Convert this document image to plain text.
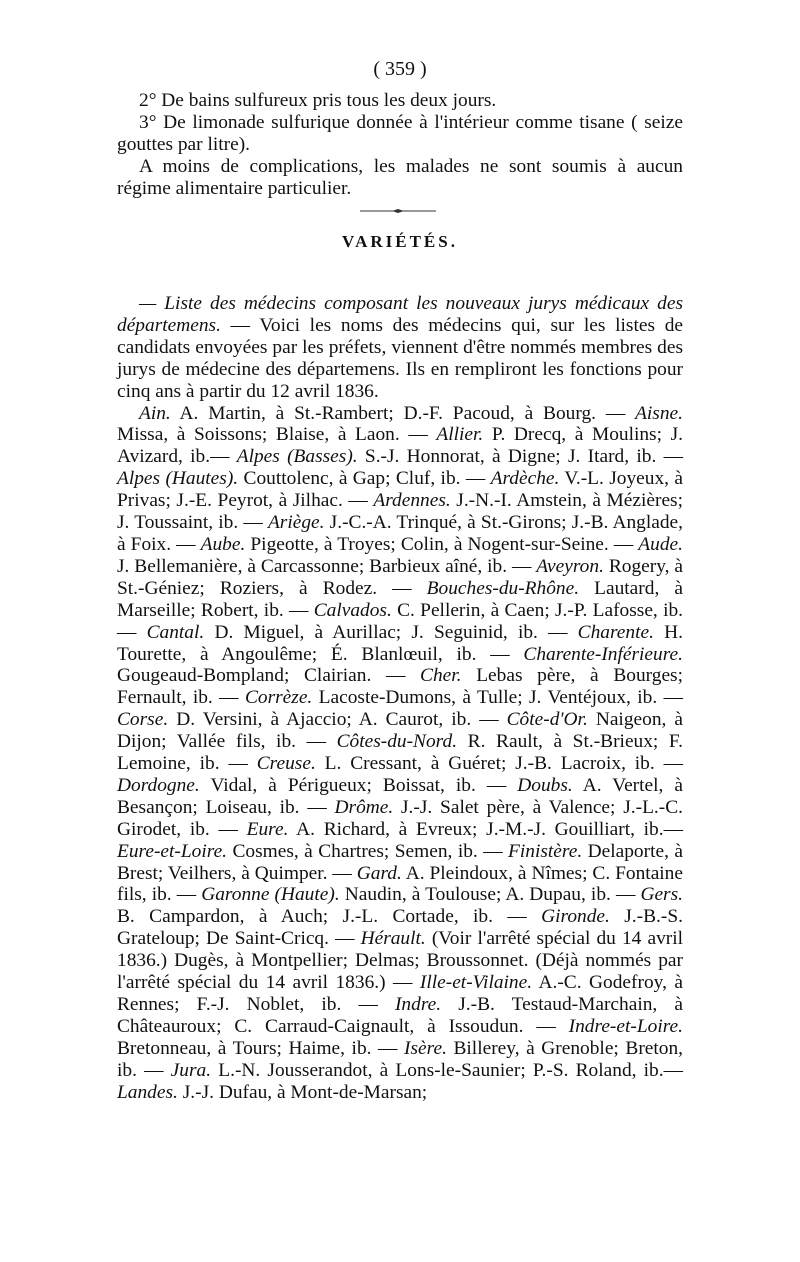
( 359 )

2° De bains sulfureux pris tous les deux jours.

3° De limonade sulfurique donnée à l'intérieur comme tisane ( seize gouttes par litre).

A moins de complications, les malades ne sont soumis à aucun régime alimentaire particulier.

VARIÉTÉS.

— Liste des médecins composant les nouveaux jurys médicaux des départemens. — Voici les noms des médecins qui, sur les listes de candidats envoyées par les préfets, viennent d'être nommés membres des jurys de médecine des départemens. Ils en rempliront les fonctions pour cinq ans à partir du 12 avril 1836.

Ain. A. Martin, à St.-Rambert; D.-F. Pacoud, à Bourg. — Aisne. Missa, à Soissons; Blaise, à Laon. — Allier. P. Drecq, à Moulins; J. Avizard, ib.— Alpes (Basses). S.-J. Honnorat, à Digne; J. Itard, ib. — Alpes (Hautes). Couttolenc, à Gap; Cluf, ib. — Ardèche. V.-L. Joyeux, à Privas; J.-E. Peyrot, à Jilhac. — Ardennes. J.-N.-I. Amstein, à Mézières; J. Toussaint, ib. — Ariège. J.-C.-A. Trinqué, à St.-Girons; J.-B. Anglade, à Foix. — Aube. Pigeotte, à Troyes; Colin, à Nogent-sur-Seine. — Aude. J. Bellemanière, à Carcassonne; Barbieux aîné, ib. — Aveyron. Rogery, à St.-Géniez; Roziers, à Rodez. — Bouches-du-Rhône. Lautard, à Marseille; Robert, ib. — Calvados. C. Pellerin, à Caen; J.-P. Lafosse, ib. — Cantal. D. Miguel, à Aurillac; J. Seguinid, ib. — Charente. H. Tourette, à Angoulême; É. Blanlœuil, ib. — Charente-Inférieure. Gougeaud-Bompland; Clairian. — Cher. Lebas père, à Bourges; Fernault, ib. — Corrèze. Lacoste-Dumons, à Tulle; J. Ventéjoux, ib. — Corse. D. Versini, à Ajaccio; A. Caurot, ib. — Côte-d'Or. Naigeon, à Dijon; Vallée fils, ib. — Côtes-du-Nord. R. Rault, à St.-Brieux; F. Lemoine, ib. — Creuse. L. Cressant, à Guéret; J.-B. Lacroix, ib. —Dordogne. Vidal, à Périgueux; Boissat, ib. — Doubs. A. Vertel, à Besançon; Loiseau, ib. — Drôme. J.-J. Salet père, à Valence; J.-L.-C. Girodet, ib. — Eure. A. Richard, à Evreux; J.-M.-J. Gouilliart, ib.—Eure-et-Loire. Cosmes, à Chartres; Semen, ib. — Finistère. Delaporte, à Brest; Veilhers, à Quimper. — Gard. A. Pleindoux, à Nîmes; C. Fontaine fils, ib. — Garonne (Haute). Naudin, à Toulouse; A. Dupau, ib. — Gers. B. Campardon, à Auch; J.-L. Cortade, ib. — Gironde. J.-B.-S. Grateloup; De Saint-Cricq. — Hérault. (Voir l'arrêté spécial du 14 avril 1836.) Dugès, à Montpellier; Delmas; Broussonnet. (Déjà nommés par l'arrêté spécial du 14 avril 1836.) — Ille-et-Vilaine. A.-C. Godefroy, à Rennes; F.-J. Noblet, ib. — Indre. J.-B. Testaud-Marchain, à Châteauroux; C. Carraud-Caignault, à Issoudun. — Indre-et-Loire. Bretonneau, à Tours; Haime, ib. — Isère. Billerey, à Grenoble; Breton, ib. — Jura. L.-N. Jousserandot, à Lons-le-Saunier; P.-S. Roland, ib.—Landes. J.-J. Dufau, à Mont-de-Marsan;
